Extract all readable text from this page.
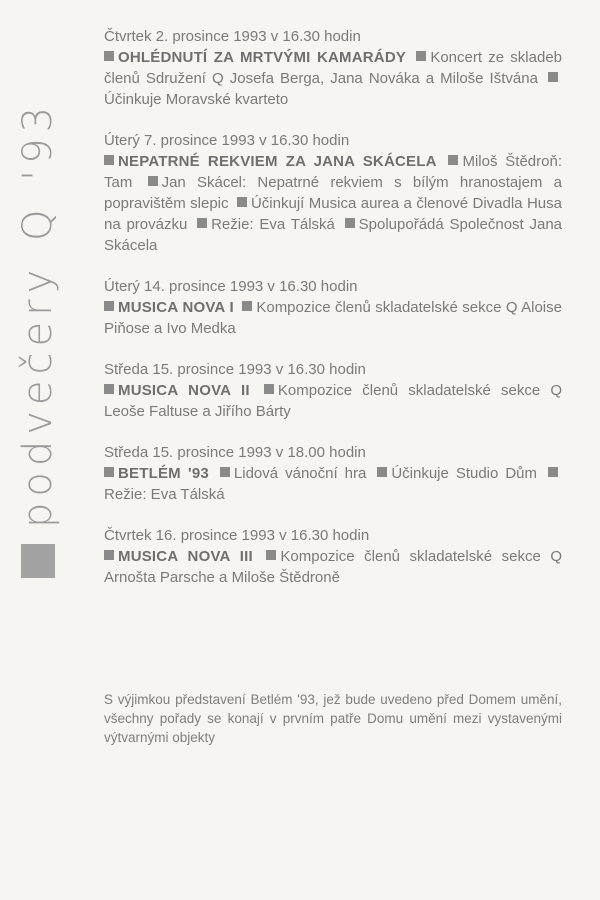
podvečery Q '93
Čtvrtek 2. prosince 1993 v 16.30 hodin
OHLÉDNUTÍ ZA MRTVÝMI KAMARÁDY Koncert ze skladeb členů Sdružení Q Josefa Berga, Jana Nováka a Miloše Ištvána Účinkuje Moravské kvarteto
Úterý 7. prosince 1993 v 16.30 hodin
NEPATRNÉ REKVIEM ZA JANA SKÁCELA Miloš Štědroň: Tam Jan Skácel: Nepatrné rekviem s bílým hranostajem a popravištěm slepic Účinkují Musica aurea a členové Divadla Husa na provázku Režie: Eva Tálská Spolupořádá Společnost Jana Skácela
Úterý 14. prosince 1993 v 16.30 hodin
MUSICA NOVA I Kompozice členů skladatelské sekce Q Aloise Piňose a Ivo Medka
Středa 15. prosince 1993 v 16.30 hodin
MUSICA NOVA II Kompozice členů skladatelské sekce Q Leoše Faltuse a Jiřího Bárty
Středa 15. prosince 1993 v 18.00 hodin
BETLÉM '93 Lidová vánoční hra Účinkuje Studio Dům Režie: Eva Tálská
Čtvrtek 16. prosince 1993 v 16.30 hodin
MUSICA NOVA III Kompozice členů skladatelské sekce Q Arnošta Parsche a Miloše Štědroně
S výjimkou představení Betlém '93, jež bude uvedeno před Domem umění, všechny pořady se konají v prvním patře Domu umění mezi vystavenými výtvarnými objekty
